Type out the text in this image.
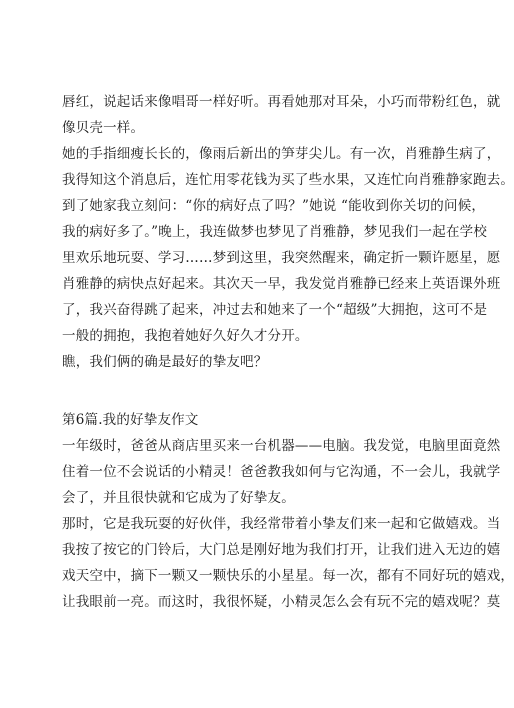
唇红，说起话来像唱哥一样好听。再看她那对耳朵，小巧而带粉红色，就
像贝壳一样。
她的手指细瘦长长的，像雨后新出的笋芽尖儿。有一次，肖雅静生病了，
我得知这个消息后，连忙用零花钱为买了些水果，又连忙向肖雅静家跑去。
到了她家我立刻问：“你的病好点了吗？”她说 “能收到你关切的问候，
我的病好多了。”晚上，我连做梦也梦见了肖雅静，梦见我们一起在学校
里欢乐地玩耍、学习……梦到这里，我突然醒来，确定折一颗许愿星，愿
肖雅静的病快点好起来。其次天一早，我发觉肖雅静已经来上英语课外班
了，我兴奋得跳了起来，冲过去和她来了一个“超级”大拥抱，这可不是
一般的拥抱，我抱着她好久好久才分开。
瞧，我们俩的确是最好的挚友吧？
第6篇.我的好挚友作文
一年级时，爸爸从商店里买来一台机器——电脑。我发觉，电脑里面竟然
住着一位不会说话的小精灵！爸爸教我如何与它沟通，不一会儿，我就学
会了，并且很快就和它成为了好挚友。
那时，它是我玩耍的好伙伴，我经常带着小挚友们来一起和它做嬉戏。当
我按了按它的门铃后，大门总是刚好地为我们打开，让我们进入无边的嬉
戏天空中，摘下一颗又一颗快乐的小星星。每一次，都有不同好玩的嬉戏，
让我眼前一亮。而这时，我很怀疑，小精灵怎么会有玩不完的嬉戏呢？莫
